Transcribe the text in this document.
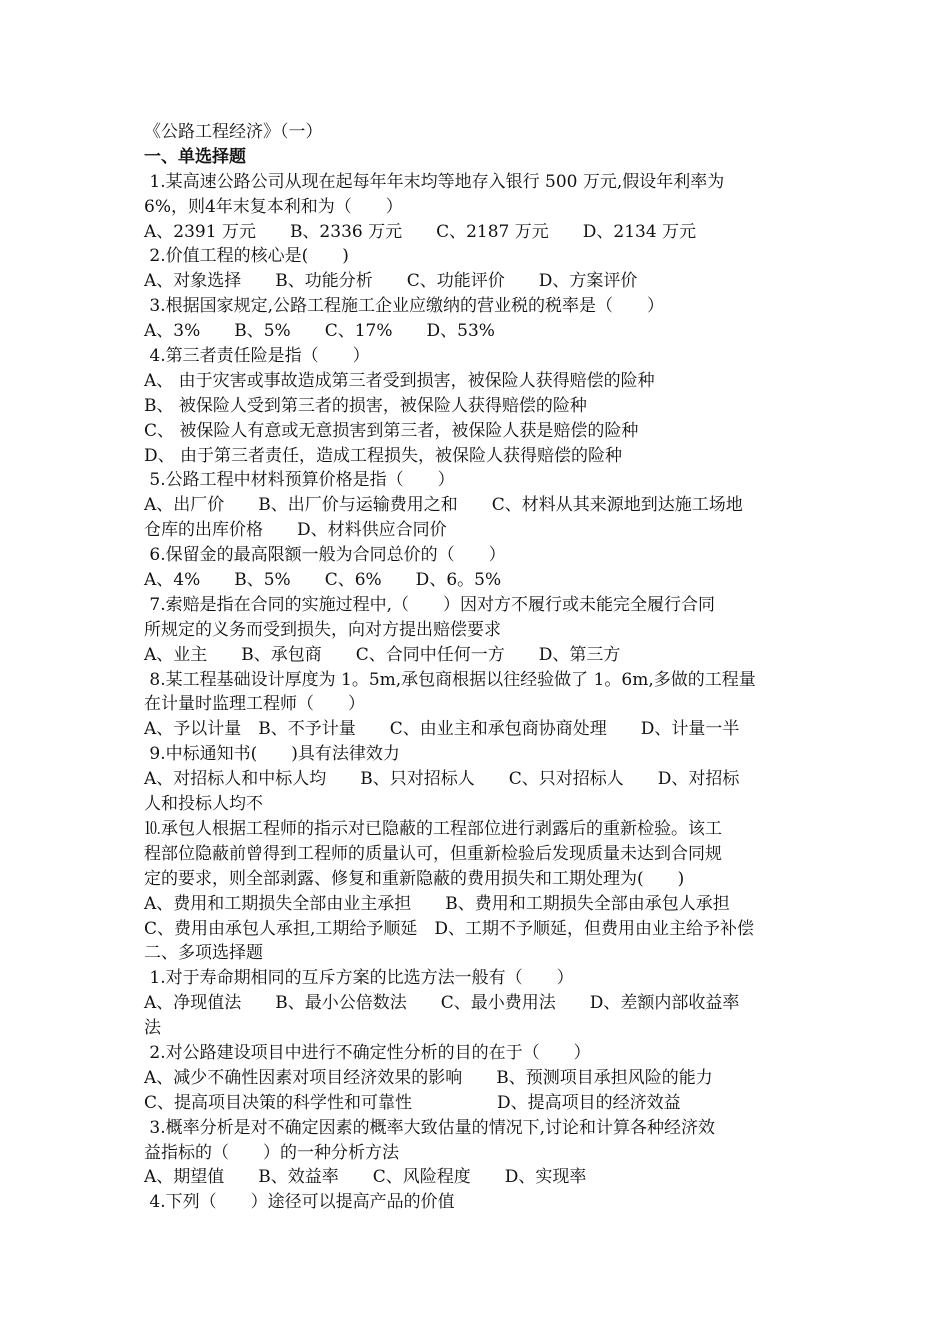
《公路工程经济》（一）
一、单选择题
1.某高速公路公司从现在起每年年末均等地存入银行 500 万元,假设年利率为
6%，则4年末复本利和为（　　）
A、2391 万元　　B、2336 万元　　C、2187 万元　　D、2134 万元
2.价值工程的核心是(　　)
A、对象选择　　B、功能分析　　C、功能评价　　D、方案评价
3.根据国家规定,公路工程施工企业应缴纳的营业税的税率是（　　）
A、3%　　B、5%　　C、17%　　D、53%
4.第三者责任险是指（　　）
A、 由于灾害或事故造成第三者受到损害，被保险人获得赔偿的险种
B、 被保险人受到第三者的损害，被保险人获得赔偿的险种
C、 被保险人有意或无意损害到第三者，被保险人获是赔偿的险种
D、 由于第三者责任，造成工程损失，被保险人获得赔偿的险种
5.公路工程中材料预算价格是指（　　）
A、出厂价　　B、出厂价与运输费用之和　　C、材料从其来源地到达施工场地
仓库的出库价格　　D、材料供应合同价
6.保留金的最高限额一般为合同总价的（　　）
A、4%　　B、5%　　C、6%　　D、6。5%
7.索赔是指在合同的实施过程中,（　　）因对方不履行或未能完全履行合同
所规定的义务而受到损失，向对方提出赔偿要求
A、业主　　B、承包商　　C、合同中任何一方　　D、第三方
8.某工程基础设计厚度为 1。5m,承包商根据以往经验做了 1。6m,多做的工程量
在计量时监理工程师（　　）
A、予以计量　B、不予计量　　C、由业主和承包商协商处理　　D、计量一半
9.中标通知书(　　)具有法律效力
A、对招标人和中标人均　　B、只对招标人　　C、只对招标人　　D、对招标
人和投标人均不
⒑承包人根据工程师的指示对已隐蔽的工程部位进行剥露后的重新检验。该工
程部位隐蔽前曾得到工程师的质量认可，但重新检验后发现质量未达到合同规
定的要求，则全部剥露、修复和重新隐蔽的费用损失和工期处理为(　　)
A、费用和工期损失全部由业主承担　　B、费用和工期损失全部由承包人承担
C、费用由承包人承担,工期给予顺延　D、工期不予顺延，但费用由业主给予补偿
二、多项选择题
1.对于寿命期相同的互斥方案的比选方法一般有（　　）
A、净现值法　　B、最小公倍数法　　C、最小费用法　　D、差额内部收益率
法
2.对公路建设项目中进行不确定性分析的目的在于（　　）
A、减少不确性因素对项目经济效果的影响　　B、预测项目承担风险的能力
C、提高项目决策的科学性和可靠性　　　　　D、提高项目的经济效益
3.概率分析是对不确定因素的概率大致估量的情况下,讨论和计算各种经济效
益指标的（　　）的一种分析方法
A、期望值　　B、效益率　　C、风险程度　　D、实现率
4.下列（　　）途径可以提高产品的价值
